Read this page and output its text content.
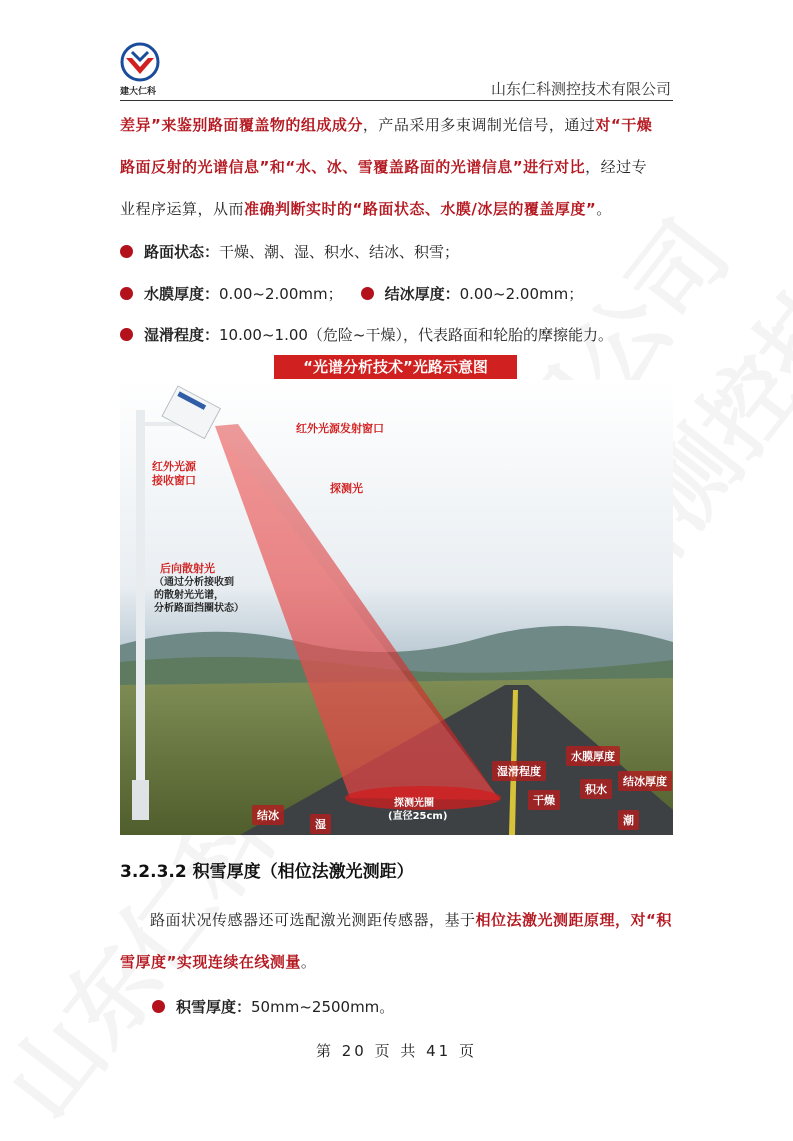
建大仁科	山东仁科测控技术有限公司
差异”来鉴别路面覆盖物的组成成分，产品采用多束调制光信号，通过对“干燥
路面反射的光谱信息”和“水、冰、雪覆盖路面的光谱信息”进行对比，经过专
业程序运算，从而准确判断实时的“路面状态、水膜/冰层的覆盖厚度”。
路面状态： 干燥、潮、湿、积水、结冰、积雪；
水膜厚度： 0.00~2.00mm；	结冰厚度： 0.00~2.00mm；
湿滑程度： 10.00~1.00（危险~干燥），代表路面和轮胎的摩擦能力。
“光谱分析技术”光路示意图
红外光源发射窗口
红外光源
接收窗口
探测光
后向散射光
（通过分析接收到
的散射光光谱，
分析路面挡圈状态）
探测光圈
(直径25cm)
水膜厚度
湿滑程度
积水
结冰厚度
干燥
潮
结冰
湿
3.2.3.2 积雪厚度（相位法激光测距）
路面状况传感器还可选配激光测距传感器，基于相位法激光测距原理，对“积
雪厚度”实现连续在线测量。
积雪厚度： 50mm~2500mm。
第 20 页 共 41 页
